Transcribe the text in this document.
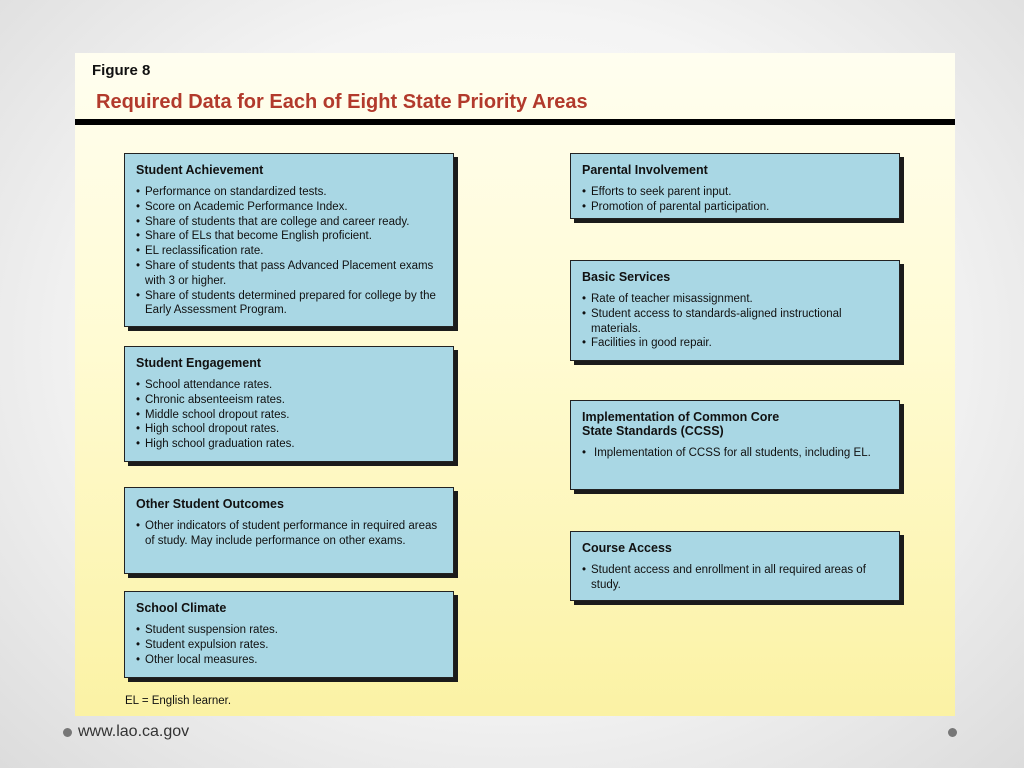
Figure 8
Required Data for Each of Eight State Priority Areas
Student Achievement
• Performance on standardized tests.
• Score on Academic Performance Index.
• Share of students that are college and career ready.
• Share of ELs that become English proficient.
• EL reclassification rate.
• Share of students that pass Advanced Placement exams with 3 or higher.
• Share of students determined prepared for college by the Early Assessment Program.
Student Engagement
• School attendance rates.
• Chronic absenteeism rates.
• Middle school dropout rates.
• High school dropout rates.
• High school graduation rates.
Other Student Outcomes
• Other indicators of student performance in required areas of study. May include performance on other exams.
School Climate
• Student suspension rates.
• Student expulsion rates.
• Other local measures.
Parental Involvement
• Efforts to seek parent input.
• Promotion of parental participation.
Basic Services
• Rate of teacher misassignment.
• Student access to standards-aligned instructional materials.
• Facilities in good repair.
Implementation of Common Core
State Standards (CCSS)
• Implementation of CCSS for all students, including EL.
Course Access
• Student access and enrollment in all required areas of study.
EL = English learner.
www.lao.ca.gov
